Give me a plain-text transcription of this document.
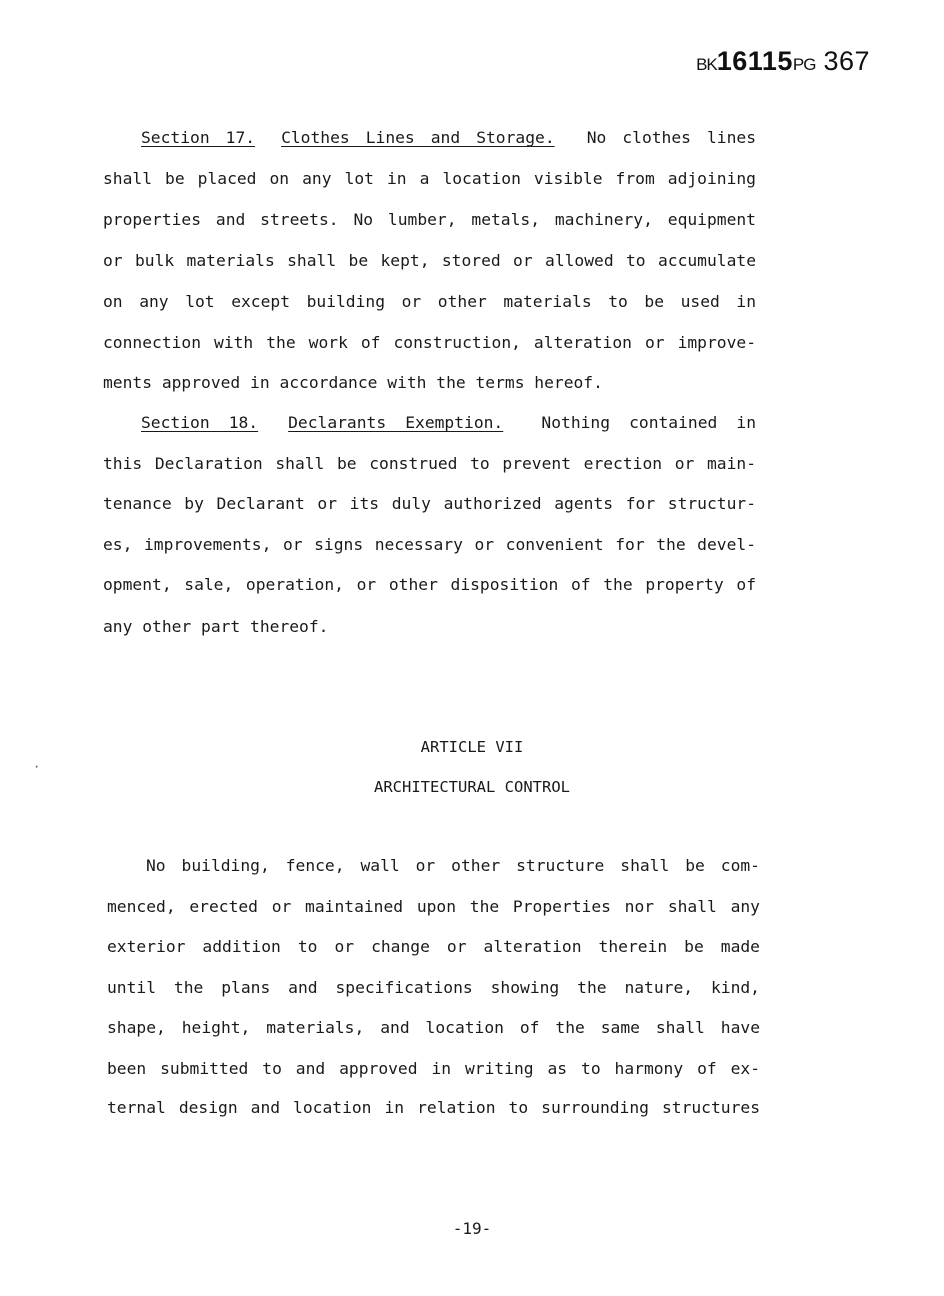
BK16115PG 367
Section 17. Clothes Lines and Storage. No clothes lines
shall be placed on any lot in a location visible from adjoining
properties and streets. No lumber, metals, machinery, equipment
or bulk materials shall be kept, stored or allowed to accumulate
on any lot except building or other materials to be used in
connection with the work of construction, alteration or improve-
ments approved in accordance with the terms hereof.
Section 18. Declarants Exemption. Nothing contained in
this Declaration shall be construed to prevent erection or main-
tenance by Declarant or its duly authorized agents for structur-
es, improvements, or signs necessary or convenient for the devel-
opment, sale, operation, or other disposition of the property of
any other part thereof.
ARTICLE VII
ARCHITECTURAL CONTROL
·
No building, fence, wall or other structure shall be com-
menced, erected or maintained upon the Properties nor shall any
exterior addition to or change or alteration therein be made
until the plans and specifications showing the nature, kind,
shape, height, materials, and location of the same shall have
been submitted to and approved in writing as to harmony of ex-
ternal design and location in relation to surrounding structures
-19-
